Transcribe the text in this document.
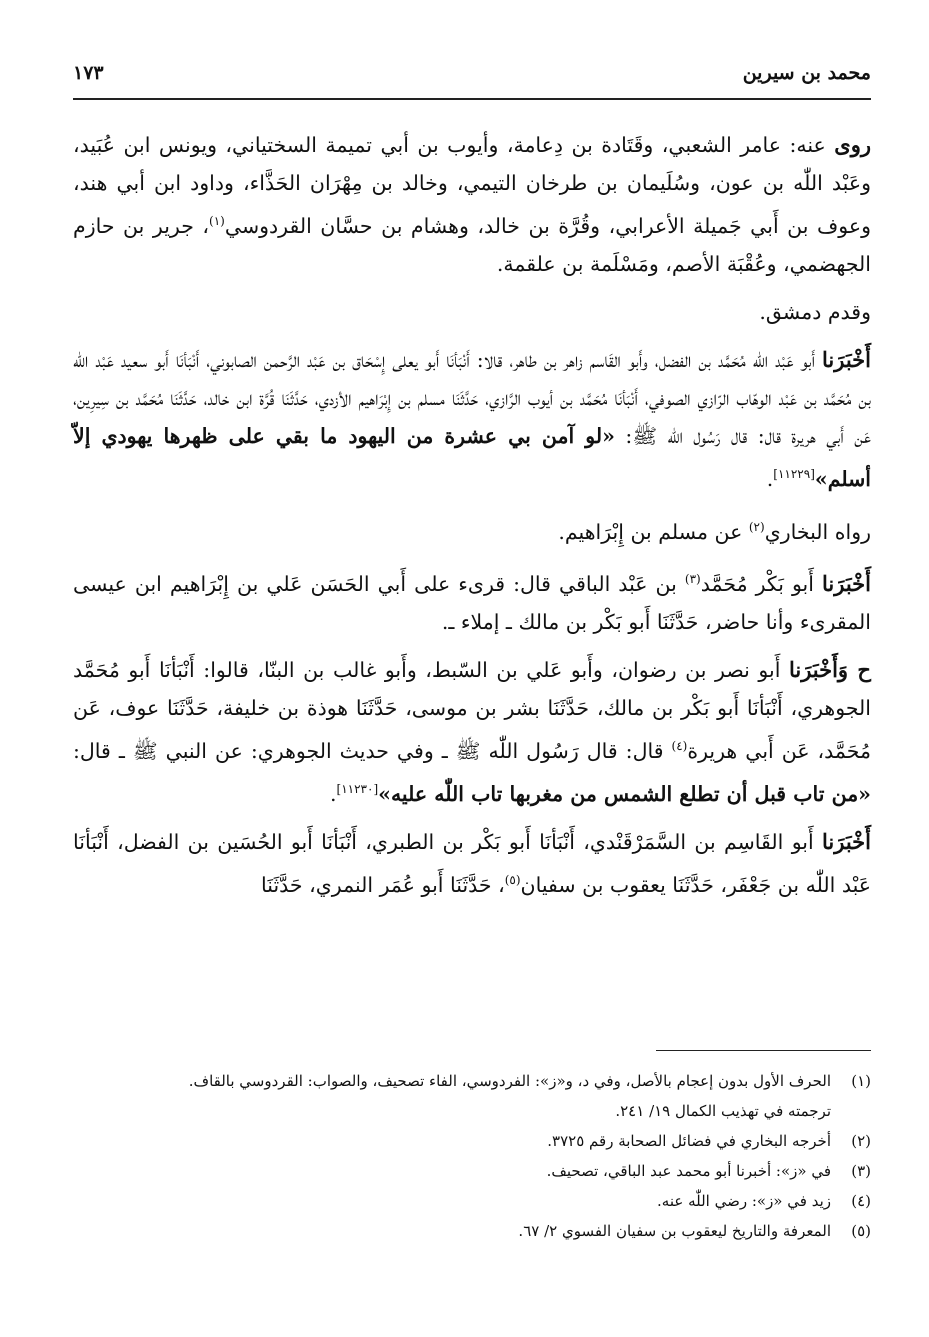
محمد بن سيرين
١٧٣

روى عنه: عامر الشعبي، وقَتَادة بن دِعامة، وأيوب بن أبي تميمة السختياني، ويونس ابن عُبَيد، وعَبْد اللّٰه بن عون، وسُلَيمان بن طرخان التيمي، وخالد بن مِهْرَان الحَذَّاء، وداود ابن أبي هند، وعوف بن أَبي جَميلة الأعرابي، وقُرَّة بن خالد، وهشام بن حسَّان القردوسي$^{(١)}$، جرير بن حازم الجهضمي، وعُقْبَة الأصم، ومَسْلَمة بن علقمة.

وقدم دمشق.

أَخْبَرَنا أَبو عَبْد اللّٰه مُحَمَّد بن الفضل، وأَبو القَاسم زاهر بن طاهر، قالا: أَنْبَأنَا أَبو يعلى إِسْحَاق بن عَبْد الرَّحمن الصابوني، أَنْبَأنَا أَبو سعيد عَبْد اللّٰه بن مُحَمَّد بن عَبْد الوهّاب الرّازي الصوفي، أَنْبَأنَا مُحَمَّد بن أيوب الرَّازي، حَدَّثَنَا مسلم بن إِبْرَاهيم الأزدي، حَدَّثَنَا قُرَّة ابن خالد، حَدَّثَنَا مُحَمَّد بن سِيرِين، عَن أَبي هريرة قال: قال رَسُول اللّٰه ﷺ: «لو آمن بي عشرة من اليهود ما بقي على ظهرها يهودي إلاّ أسلم»[١١٢٢٩].

رواه البخاري$^{(٢)}$ عن مسلم بن إِبْرَاهيم.

أَخْبَرَنا أَبو بَكْر مُحَمَّد$^{(٣)}$ بن عَبْد الباقي قال: قرىء على أَبي الحَسَن عَلي بن إِبْرَاهيم ابن عيسى المقرىء وأنا حاضر، حَدَّثَنَا أَبو بَكْر بن مالك ـ إملاء ـ.

ح وَأَخْبَرَنا أَبو نصر بن رضوان، وأَبو عَلي بن السّبط، وأَبو غالب بن البنّا، قالوا: أَنْبَأنَا أَبو مُحَمَّد الجوهري، أَنْبَأنَا أَبو بَكْر بن مالك، حَدَّثَنَا بشر بن موسى، حَدَّثَنَا هوذة بن خليفة، حَدَّثَنَا عوف، عَن مُحَمَّد، عَن أَبي هريرة$^{(٤)}$ قال: قال رَسُول اللّٰه ﷺ ـ وفي حديث الجوهري: عن النبي ﷺ ـ قال: «من تاب قبل أن تطلع الشمس من مغربها تاب اللّٰه عليه»[١١٢٣٠].

أَخْبَرَنا أَبو القَاسِم بن السَّمَرْقَنْدي، أَنْبَأنَا أَبو بَكْر بن الطبري، أَنْبَأنَا أَبو الحُسَين بن الفضل، أَنْبَأنَا عَبْد اللّٰه بن جَعْفَر، حَدَّثَنَا يعقوب بن سفيان$^{(٥)}$، حَدَّثَنَا أَبو عُمَر النمري، حَدَّثَنَا

(١)
الحرف الأول بدون إعجام بالأصل، وفي د، و«ز»: الفردوسي، الفاء تصحيف، والصواب: القردوسي بالقاف.
ترجمته في تهذيب الكمال ١٩/ ٢٤١.
(٢)
أخرجه البخاري في فضائل الصحابة رقم ٣٧٢٥.
(٣)
في «ز»: أخبرنا أبو محمد عبد الباقي، تصحيف.
(٤)
زيد في «ز»: رضي اللّٰه عنه.
(٥)
المعرفة والتاريخ ليعقوب بن سفيان الفسوي ٢/ ٦٧.
